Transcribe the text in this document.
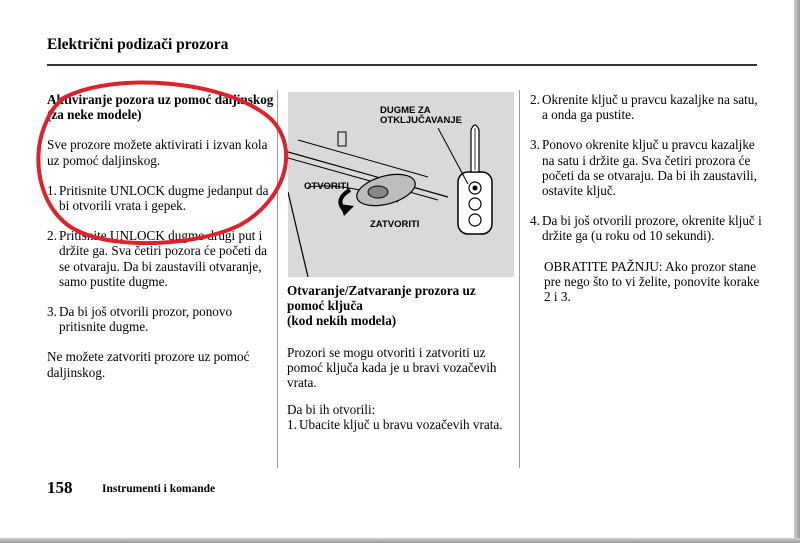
Električni podizači prozora

Aktiviranje pozora uz pomoć daljinskog

(za neke modele)

Sve prozore možete aktivirati i izvan kola uz pomoć daljinskog.

1. Pritisnite UNLOCK dugme jedanput da bi otvorili vrata i gepek.
2. Pritisnite UNLOCK dugme drugi put i držite ga. Sva četiri pozora će početi da se otvaraju. Da bi zaustavili otvaranje, samo pustite dugme.
3. Da bi još otvorili prozor, ponovo pritisnite dugme.

Ne možete zatvoriti prozore uz pomoć daljinskog.

DUGME ZA
OTKLJUČAVANJE
OTVORITI
ZATVORITI

Otvaranje/Zatvaranje prozora uz pomoć ključa

(kod nekih modela)

Prozori se mogu otvoriti i zatvoriti uz pomoć ključa kada je u bravi vozačevih vrata.

Da bi ih otvorili:

1. Ubacite ključ u bravu vozačevih vrata.
2. Okrenite ključ u pravcu kazaljke na satu, a onda ga pustite.
3. Ponovo okrenite ključ u pravcu kazaljke na satu i držite ga. Sva četiri prozora će početi da se otvaraju. Da bi ih zaustavili, ostavite ključ.
4. Da bi još otvorili prozore, okrenite ključ i držite ga (u roku od 10 sekundi).

OBRATITE PAŽNJU: Ako prozor stane pre nego što to vi želite, ponovite korake 2 i 3.

158	Instrumenti i komande
